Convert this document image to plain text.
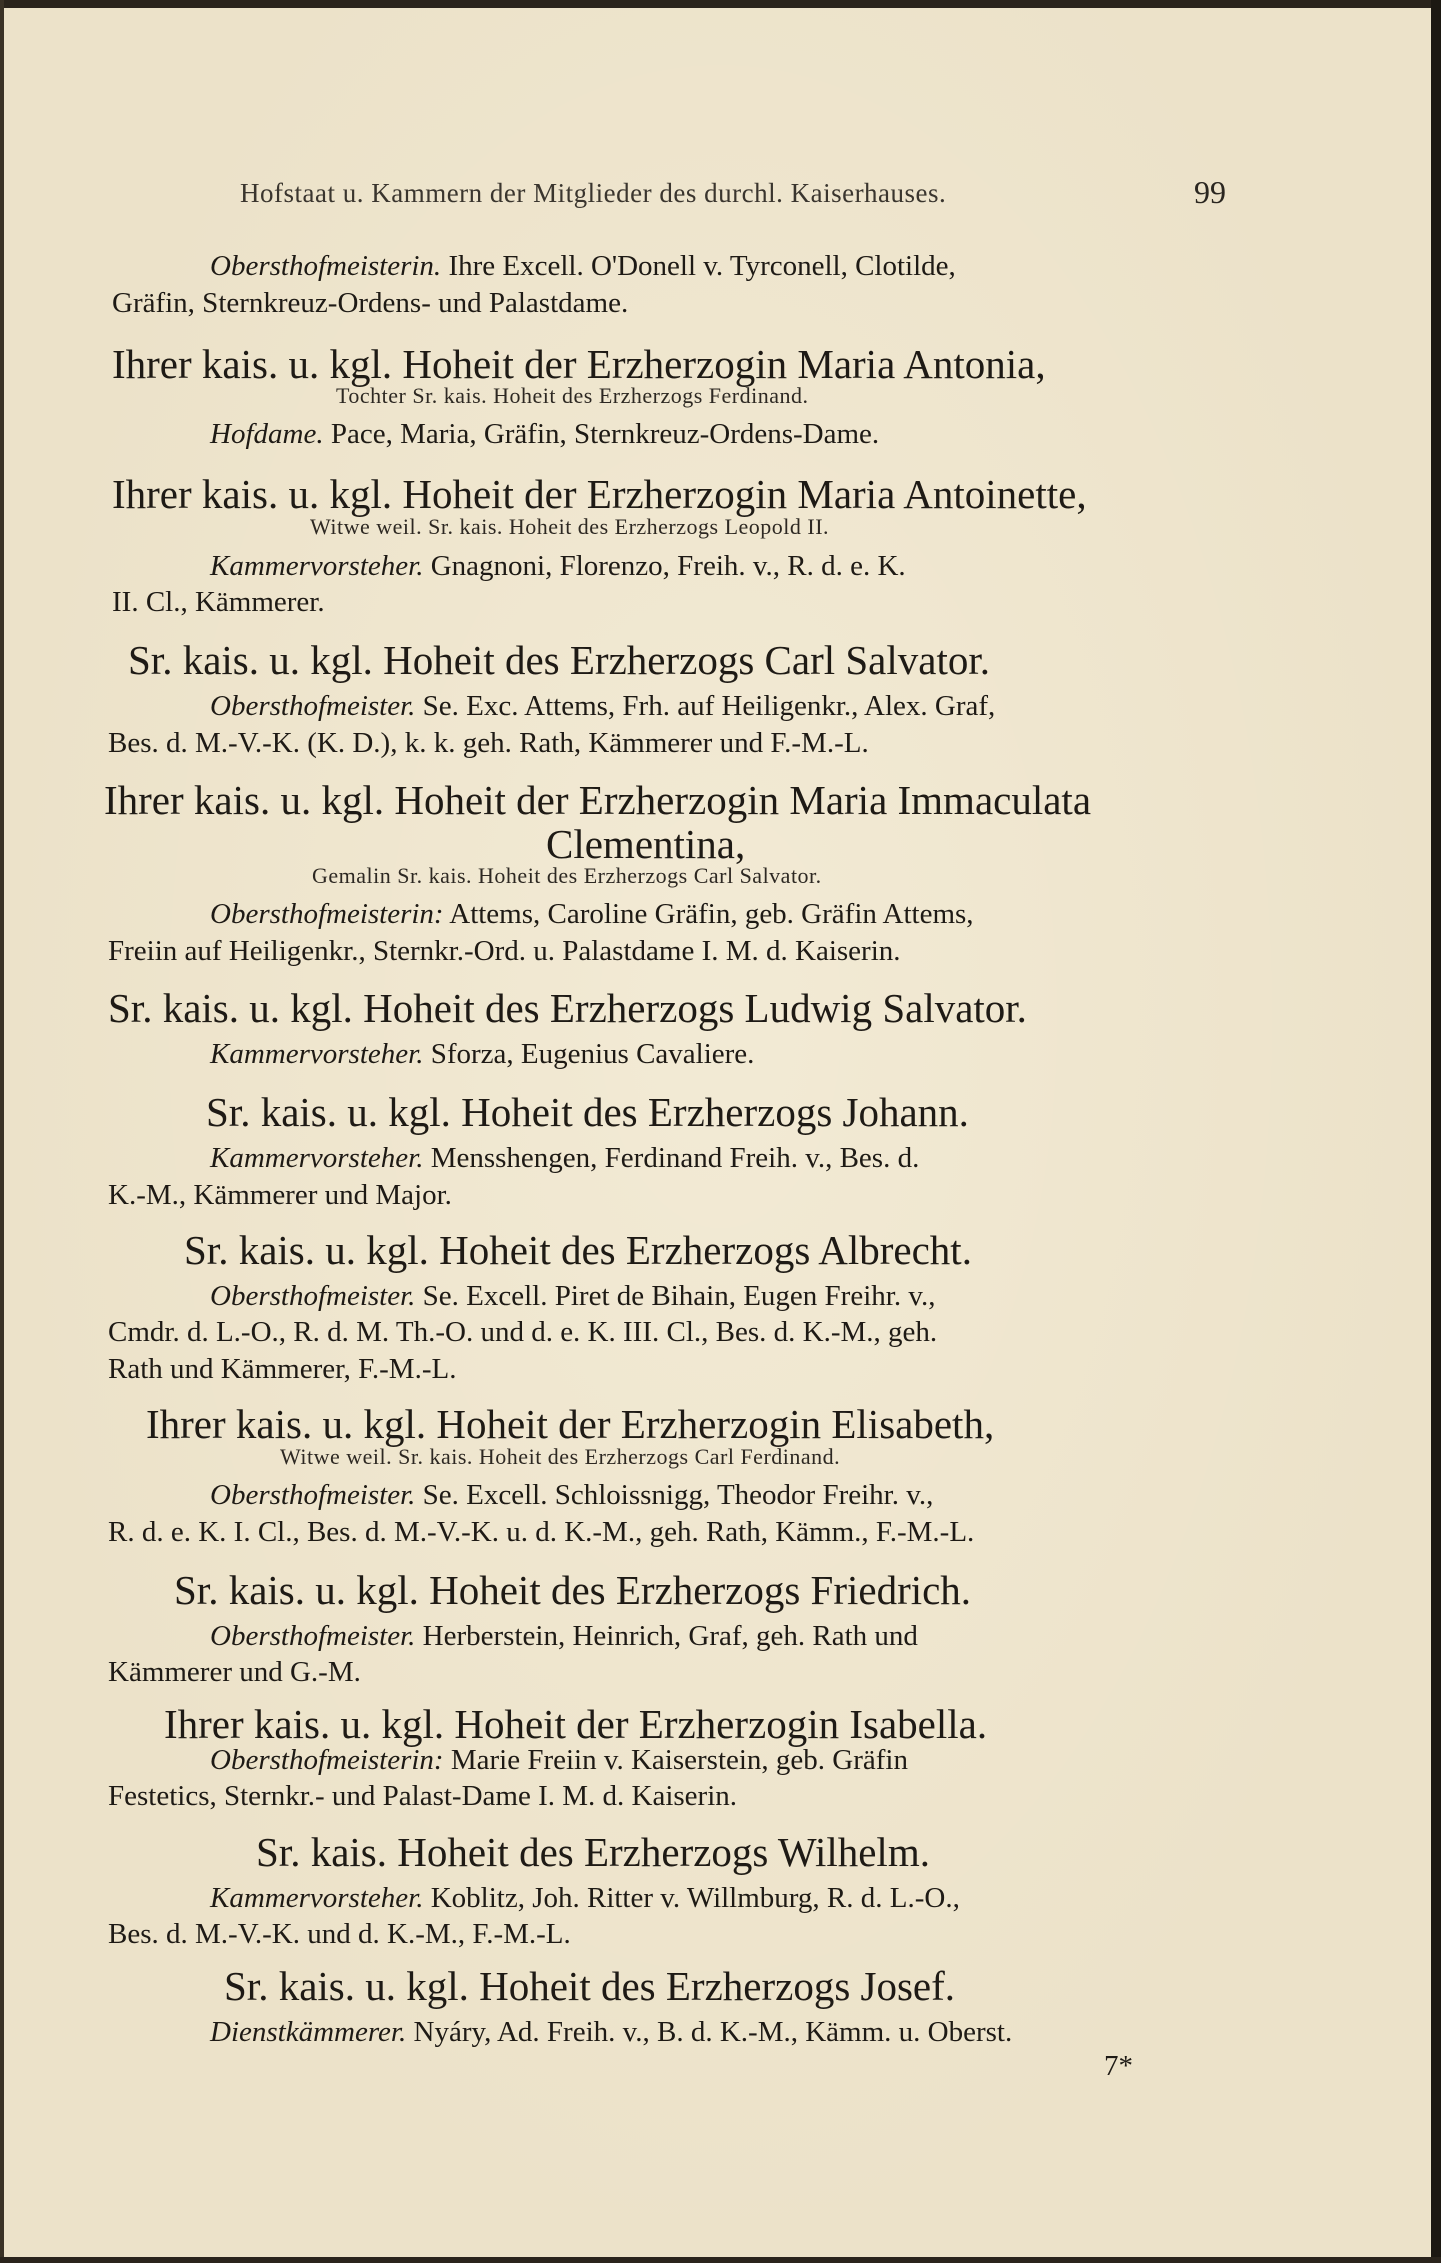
Hofstaat u. Kammern der Mitglieder des durchl. Kaiserhauses.	99
Obersthofmeisterin. Ihre Excell. O'Donell v. Tyrconell, Clotilde,
Gräfin, Sternkreuz-Ordens- und Palastdame.
Ihrer kais. u. kgl. Hoheit der Erzherzogin Maria Antonia,
Tochter Sr. kais. Hoheit des Erzherzogs Ferdinand.
Hofdame. Pace, Maria, Gräfin, Sternkreuz-Ordens-Dame.
Ihrer kais. u. kgl. Hoheit der Erzherzogin Maria Antoinette,
Witwe weil. Sr. kais. Hoheit des Erzherzogs Leopold II.
Kammervorsteher. Gnagnoni, Florenzo, Freih. v., R. d. e. K.
II. Cl., Kämmerer.
Sr. kais. u. kgl. Hoheit des Erzherzogs Carl Salvator.
Obersthofmeister. Se. Exc. Attems, Frh. auf Heiligenkr., Alex. Graf,
Bes. d. M.-V.-K. (K. D.), k. k. geh. Rath, Kämmerer und F.-M.-L.
Ihrer kais. u. kgl. Hoheit der Erzherzogin Maria Immaculata
Clementina,
Gemalin Sr. kais. Hoheit des Erzherzogs Carl Salvator.
Obersthofmeisterin: Attems, Caroline Gräfin, geb. Gräfin Attems,
Freiin auf Heiligenkr., Sternkr.-Ord. u. Palastdame I. M. d. Kaiserin.
Sr. kais. u. kgl. Hoheit des Erzherzogs Ludwig Salvator.
Kammervorsteher. Sforza, Eugenius Cavaliere.
Sr. kais. u. kgl. Hoheit des Erzherzogs Johann.
Kammervorsteher. Mensshengen, Ferdinand Freih. v., Bes. d.
K.-M., Kämmerer und Major.
Sr. kais. u. kgl. Hoheit des Erzherzogs Albrecht.
Obersthofmeister. Se. Excell. Piret de Bihain, Eugen Freihr. v.,
Cmdr. d. L.-O., R. d. M. Th.-O. und d. e. K. III. Cl., Bes. d. K.-M., geh.
Rath und Kämmerer, F.-M.-L.
Ihrer kais. u. kgl. Hoheit der Erzherzogin Elisabeth,
Witwe weil. Sr. kais. Hoheit des Erzherzogs Carl Ferdinand.
Obersthofmeister. Se. Excell. Schloissnigg, Theodor Freihr. v.,
R. d. e. K. I. Cl., Bes. d. M.-V.-K. u. d. K.-M., geh. Rath, Kämm., F.-M.-L.
Sr. kais. u. kgl. Hoheit des Erzherzogs Friedrich.
Obersthofmeister. Herberstein, Heinrich, Graf, geh. Rath und
Kämmerer und G.-M.
Ihrer kais. u. kgl. Hoheit der Erzherzogin Isabella.
Obersthofmeisterin: Marie Freiin v. Kaiserstein, geb. Gräfin
Festetics, Sternkr.- und Palast-Dame I. M. d. Kaiserin.
Sr. kais. Hoheit des Erzherzogs Wilhelm.
Kammervorsteher. Koblitz, Joh. Ritter v. Willmburg, R. d. L.-O.,
Bes. d. M.-V.-K. und d. K.-M., F.-M.-L.
Sr. kais. u. kgl. Hoheit des Erzherzogs Josef.
Dienstkämmerer. Nyáry, Ad. Freih. v., B. d. K.-M., Kämm. u. Oberst.
7*
